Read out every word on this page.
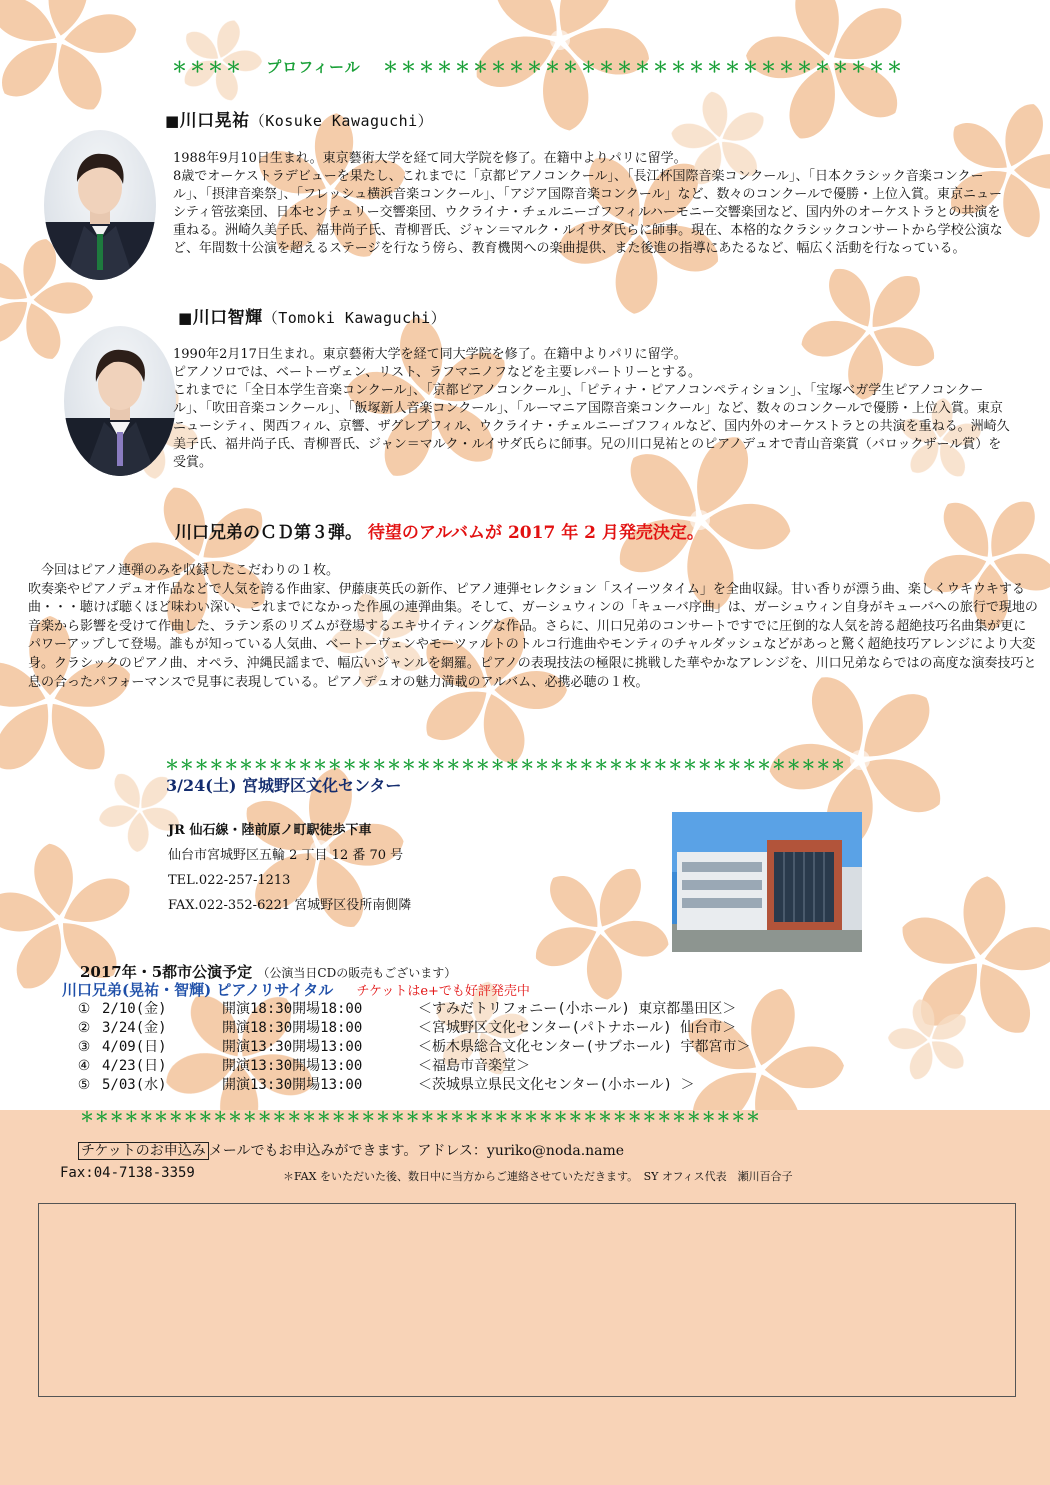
＊＊＊＊ プロフィール ＊＊＊＊＊＊＊＊＊＊＊＊＊＊＊＊＊＊＊＊＊＊＊＊＊＊＊＊＊
■川口晃祐（Kosuke Kawaguchi）

1988年9月10日生まれ。東京藝術大学を経て同大学院を修了。在籍中よりパリに留学。

8歳でオーケストラデビューを果たし、これまでに「京都ピアノコンクール」、「長江杯国際音楽コンクール」、「日本クラシック音楽コンクール」、「摂津音楽祭」、「フレッシュ横浜音楽コンクール」、「アジア国際音楽コンクール」など、数々のコンクールで優勝・上位入賞。東京ニューシティ管弦楽団、日本センチュリー交響楽団、ウクライナ・チェルニーゴフフィルハーモニー交響楽団など、国内外のオーケストラとの共演を重ねる。洲崎久美子氏、福井尚子氏、青柳晋氏、ジャン＝マルク・ルイサダ氏らに師事。現在、本格的なクラシックコンサートから学校公演など、年間数十公演を超えるステージを行なう傍ら、教育機関への楽曲提供、また後進の指導にあたるなど、幅広く活動を行なっている。

■川口智輝（Tomoki Kawaguchi）

1990年2月17日生まれ。東京藝術大学を経て同大学院を修了。在籍中よりパリに留学。

ピアノソロでは、ベートーヴェン、リスト、ラフマニノフなどを主要レパートリーとする。

これまでに「全日本学生音楽コンクール」、「京都ピアノコンクール」、「ピティナ・ピアノコンペティション」、「宝塚ベガ学生ピアノコンクール」、「吹田音楽コンクール」、「飯塚新人音楽コンクール」、「ルーマニア国際音楽コンクール」など、数々のコンクールで優勝・上位入賞。東京ニューシティ、関西フィル、京響、ザグレブフィル、ウクライナ・チェルニーゴフフィルなど、国内外のオーケストラとの共演を重ねる。洲崎久美子氏、福井尚子氏、青柳晋氏、ジャン＝マルク・ルイサダ氏らに師事。兄の川口晃祐とのピアノデュオで青山音楽賞（バロックザール賞）を受賞。

川口兄弟のＣＤ第３弾。 待望のアルバムが 2017 年 2 月発売決定。

　今回はピアノ連弾のみを収録したこだわりの１枚。

吹奏楽やピアノデュオ作品などで人気を誇る作曲家、伊藤康英氏の新作、ピアノ連弾セレクション「スイーツタイム」を全曲収録。甘い香りが漂う曲、楽しくウキウキする曲・・・聴けば聴くほど味わい深い、これまでになかった作風の連弾曲集。そして、ガーシュウィンの「キューバ序曲」は、ガーシュウィン自身がキューバへの旅行で現地の音楽から影響を受けて作曲した、ラテン系のリズムが登場するエキサイティングな作品。さらに、川口兄弟のコンサートですでに圧倒的な人気を誇る超絶技巧名曲集が更にパワーアップして登場。誰もが知っている人気曲、ベートーヴェンやモーツァルトのトルコ行進曲やモンティのチャルダッシュなどがあっと驚く超絶技巧アレンジにより大変身。クラシックのピアノ曲、オペラ、沖縄民謡まで、幅広いジャンルを網羅。ピアノの表現技法の極限に挑戦した華やかなアレンジを、川口兄弟ならではの高度な演奏技巧と息の合ったパフォーマンスで見事に表現している。ピアノデュオの魅力満載のアルバム、必携必聴の１枚。

＊＊＊＊＊＊＊＊＊＊＊＊＊＊＊＊＊＊＊＊＊＊＊＊＊＊＊＊＊＊＊＊＊＊＊＊＊＊＊＊＊＊＊＊＊＊
3/24(土) 宮城野区文化センター
JR 仙石線・陸前原ノ町駅徒歩下車
仙台市宮城野区五輪 2 丁目 12 番 70 号
TEL.022-257-1213
FAX.022-352-6221 宮城野区役所南側隣
2017年・5都市公演予定 （公演当日CDの販売もございます）
川口兄弟(晃祐・智輝) ピアノリサイタル チケットはe+でも好評発売中
① 2/10(金)	開演18:30開場18:00	＜すみだトリフォニー(小ホール) 東京都墨田区＞
② 3/24(金)	開演18:30開場18:00	＜宮城野区文化センター(パトナホール) 仙台市＞
③ 4/09(日)	開演13:30開場13:00	＜栃木県総合文化センター(サブホール) 宇都宮市＞
④ 4/23(日)	開演13:30開場13:00	＜福島市音楽堂＞
⑤ 5/03(水)	開演13:30開場13:00	＜茨城県立県民文化センター(小ホール) ＞
＊＊＊＊＊＊＊＊＊＊＊＊＊＊＊＊＊＊＊＊＊＊＊＊＊＊＊＊＊＊＊＊＊＊＊＊＊＊＊＊＊＊＊＊＊＊
チケットのお申込み メールでもお申込みができます。アドレス：yuriko@noda.name
Fax:04-7138-3359	＊FAX をいただいた後、数日中に当方からご連絡させていただきます。　SY オフィス代表　瀬川百合子
